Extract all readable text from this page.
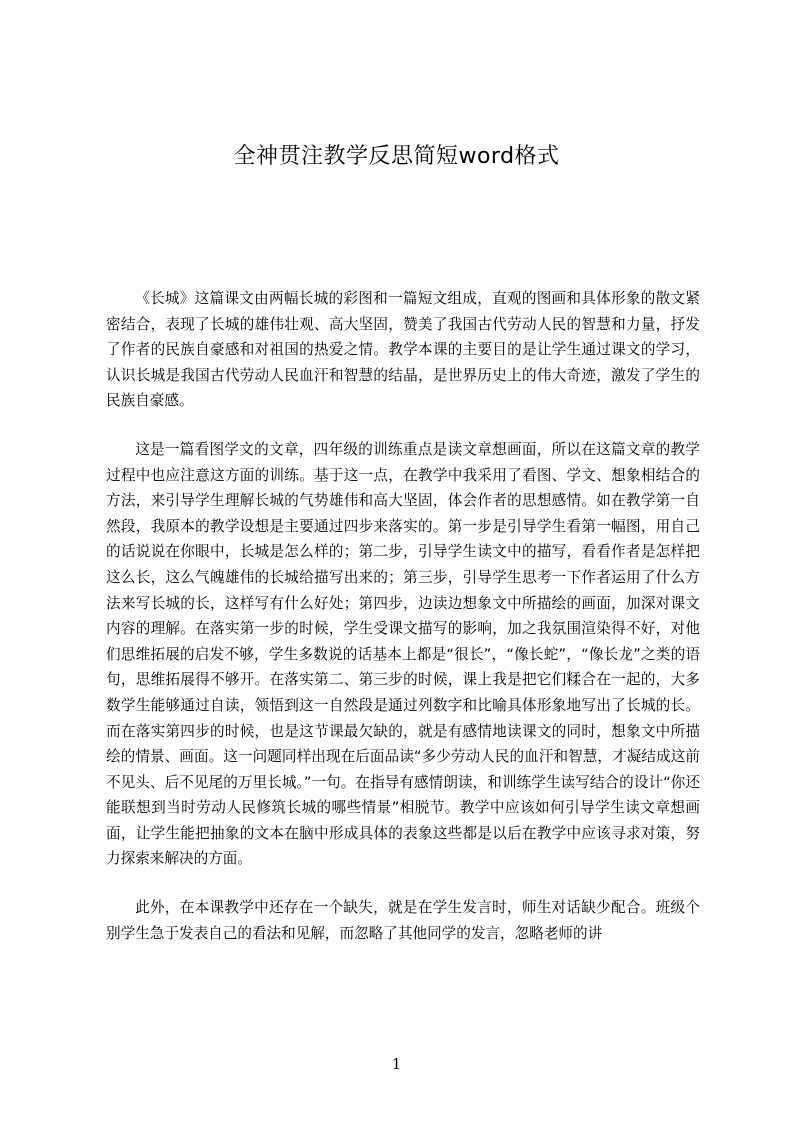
全神贯注教学反思简短word格式

《长城》这篇课文由两幅长城的彩图和一篇短文组成，直观的图画和具体形象的散文紧密结合，表现了长城的雄伟壮观、高大坚固，赞美了我国古代劳动人民的智慧和力量，抒发了作者的民族自豪感和对祖国的热爱之情。教学本课的主要目的是让学生通过课文的学习，认识长城是我国古代劳动人民血汗和智慧的结晶，是世界历史上的伟大奇迹，激发了学生的民族自豪感。

这是一篇看图学文的文章，四年级的训练重点是读文章想画面，所以在这篇文章的教学过程中也应注意这方面的训练。基于这一点，在教学中我采用了看图、学文、想象相结合的方法，来引导学生理解长城的气势雄伟和高大坚固，体会作者的思想感情。如在教学第一自然段，我原本的教学设想是主要通过四步来落实的。第一步是引导学生看第一幅图，用自己的话说说在你眼中，长城是怎么样的；第二步，引导学生读文中的描写，看看作者是怎样把这么长，这么气魄雄伟的长城给描写出来的；第三步，引导学生思考一下作者运用了什么方法来写长城的长，这样写有什么好处；第四步，边读边想象文中所描绘的画面，加深对课文内容的理解。在落实第一步的时候，学生受课文描写的影响，加之我氛围渲染得不好，对他们思维拓展的启发不够，学生多数说的话基本上都是“很长”，“像长蛇”，“像长龙”之类的语句，思维拓展得不够开。在落实第二、第三步的时候，课上我是把它们糅合在一起的，大多数学生能够通过自读，领悟到这一自然段是通过列数字和比喻具体形象地写出了长城的长。而在落实第四步的时候，也是这节课最欠缺的，就是有感情地读课文的同时，想象文中所描绘的情景、画面。这一问题同样出现在后面品读“多少劳动人民的血汗和智慧，才凝结成这前不见头、后不见尾的万里长城。”一句。在指导有感情朗读，和训练学生读写结合的设计“你还能联想到当时劳动人民修筑长城的哪些情景”相脱节。教学中应该如何引导学生读文章想画面，让学生能把抽象的文本在脑中形成具体的表象这些都是以后在教学中应该寻求对策，努力探索来解决的方面。

此外，在本课教学中还存在一个缺失，就是在学生发言时，师生对话缺少配合。班级个别学生急于发表自己的看法和见解，而忽略了其他同学的发言，忽略老师的讲

1
